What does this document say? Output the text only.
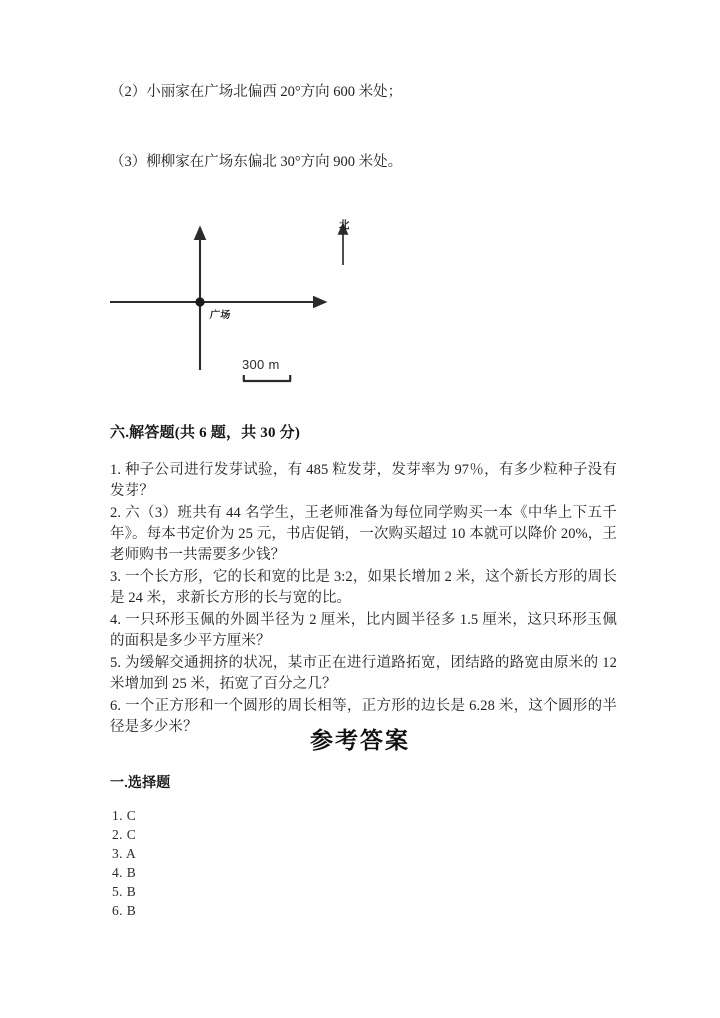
（2）小丽家在广场北偏西 20°方向 600 米处；
（3）柳柳家在广场东偏北 30°方向 900 米处。
广场
北
300 m
六.解答题(共 6 题，共 30 分)

1. 种子公司进行发芽试验，有 485 粒发芽，发芽率为 97％，有多少粒种子没有发芽？

2. 六（3）班共有 44 名学生，王老师准备为每位同学购买一本《中华上下五千年》。每本书定价为 25 元，书店促销，一次购买超过 10 本就可以降价 20%，王老师购书一共需要多少钱？

3. 一个长方形，它的长和宽的比是 3:2，如果长增加 2 米，这个新长方形的周长是 24 米，求新长方形的长与宽的比。

4. 一只环形玉佩的外圆半径为 2 厘米，比内圆半径多 1.5 厘米，这只环形玉佩的面积是多少平方厘米？

5. 为缓解交通拥挤的状况，某市正在进行道路拓宽，团结路的路宽由原米的 12 米增加到 25 米，拓宽了百分之几？

6. 一个正方形和一个圆形的周长相等，正方形的边长是 6.28 米，这个圆形的半径是多少米？

参考答案
一.选择题
1. C
2. C
3. A
4. B
5. B
6. B
